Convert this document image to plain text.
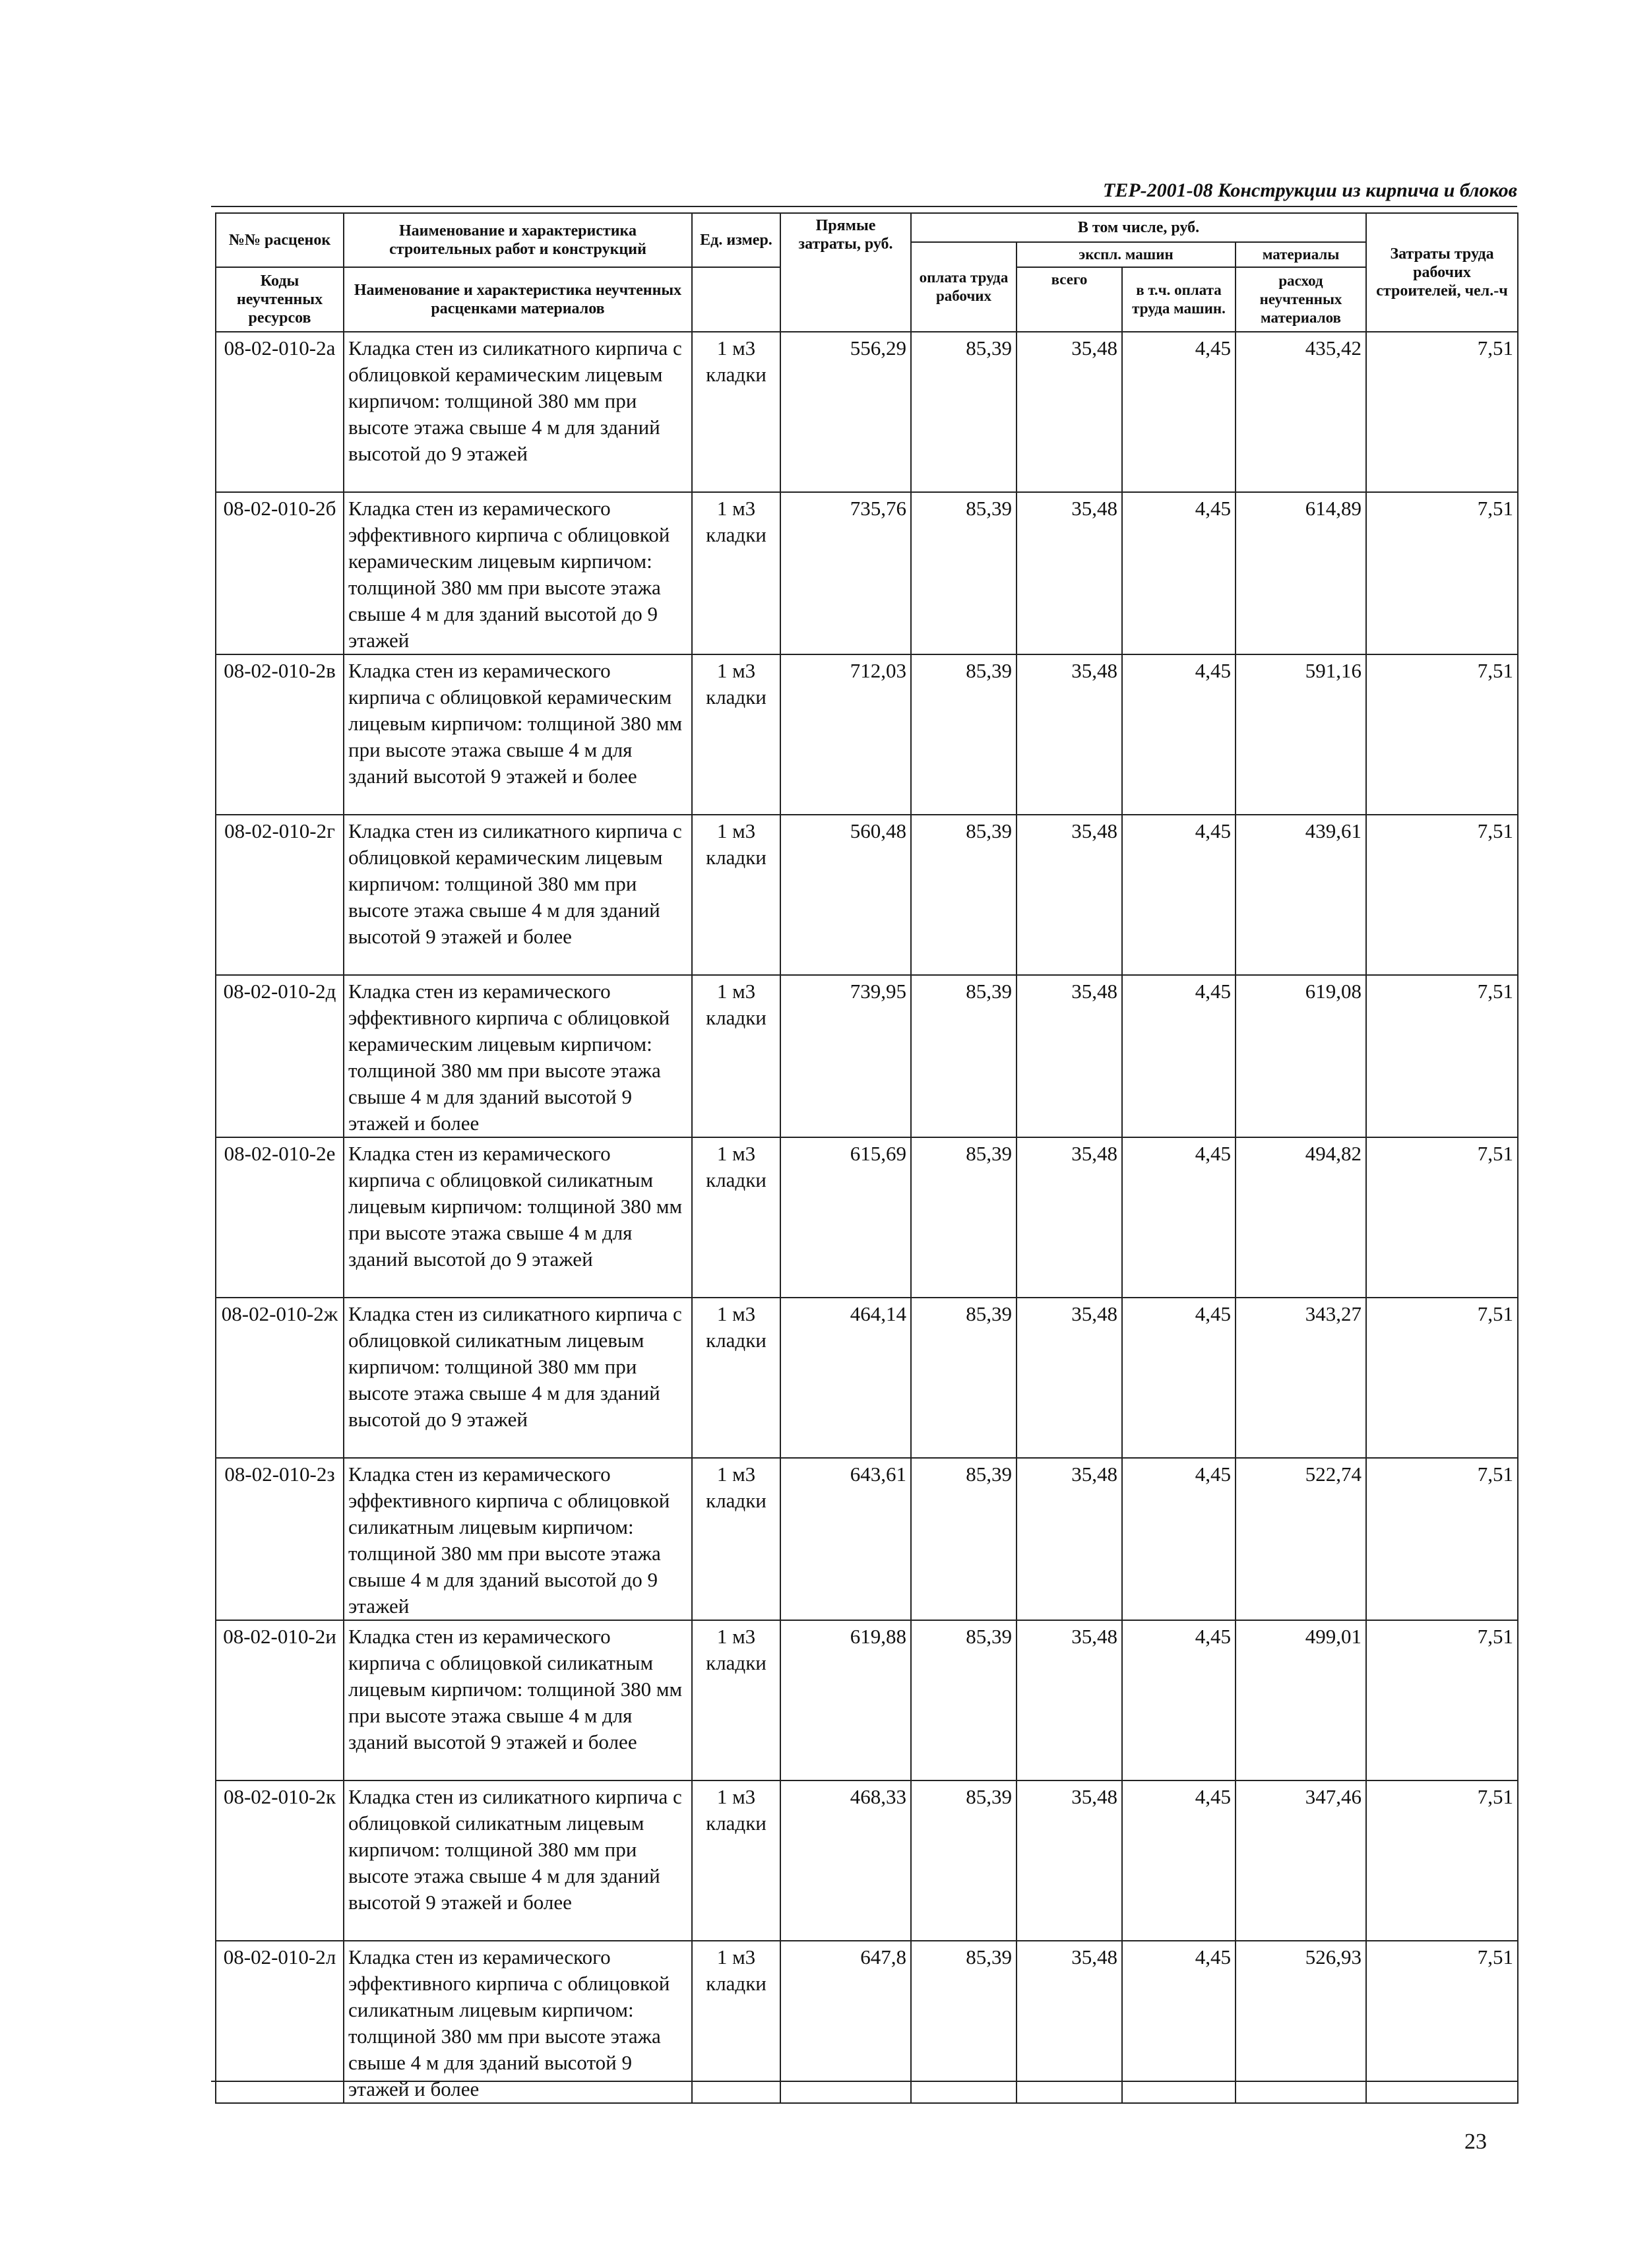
ТЕР-2001-08 Конструкции из кирпича и блоков
№№ расценок	Наименование и характеристика строительных работ и конструкций	Ед. измер.	Прямые затраты, руб.	В том числе, руб.				Затраты труда рабочих строителей, чел.-ч
				оплата труда рабочих	экспл. машин		материалы	
Коды неучтенных ресурсов	Наименование и характеристика неучтенных расценками материалов				всего	в т.ч. оплата труда машин.	расход неучтенных материалов	

08-02-010-2а	Кладка стен из силикатного кирпича с облицовкой керамическим лицевым кирпичом: толщиной 380 мм при высоте этажа свыше 4 м для зданий высотой до 9 этажей	1 м3 кладки	556,29	85,39	35,48	4,45	435,42	7,51
08-02-010-2б	Кладка стен из керамического эффективного кирпича с облицовкой керамическим лицевым кирпичом: толщиной 380 мм при высоте этажа свыше 4 м для зданий высотой до 9 этажей	1 м3 кладки	735,76	85,39	35,48	4,45	614,89	7,51
08-02-010-2в	Кладка стен из керамического кирпича с облицовкой керамическим лицевым кирпичом: толщиной 380 мм при высоте этажа свыше 4 м для зданий высотой 9 этажей и более	1 м3 кладки	712,03	85,39	35,48	4,45	591,16	7,51
08-02-010-2г	Кладка стен из силикатного кирпича с облицовкой керамическим лицевым кирпичом: толщиной 380 мм при высоте этажа свыше 4 м для зданий высотой 9 этажей и более	1 м3 кладки	560,48	85,39	35,48	4,45	439,61	7,51
08-02-010-2д	Кладка стен из керамического эффективного кирпича с облицовкой керамическим лицевым кирпичом: толщиной 380 мм при высоте этажа свыше 4 м для зданий высотой 9 этажей и более	1 м3 кладки	739,95	85,39	35,48	4,45	619,08	7,51
08-02-010-2е	Кладка стен из керамического кирпича с облицовкой силикатным лицевым кирпичом: толщиной 380 мм при высоте этажа свыше 4 м для зданий высотой до 9 этажей	1 м3 кладки	615,69	85,39	35,48	4,45	494,82	7,51
08-02-010-2ж	Кладка стен из силикатного кирпича с облицовкой силикатным лицевым кирпичом: толщиной 380 мм при высоте этажа свыше 4 м для зданий высотой до 9 этажей	1 м3 кладки	464,14	85,39	35,48	4,45	343,27	7,51
08-02-010-2з	Кладка стен из керамического эффективного кирпича с облицовкой силикатным лицевым кирпичом: толщиной 380 мм при высоте этажа свыше 4 м для зданий высотой до 9 этажей	1 м3 кладки	643,61	85,39	35,48	4,45	522,74	7,51
08-02-010-2и	Кладка стен из керамического кирпича с облицовкой силикатным лицевым кирпичом: толщиной 380 мм при высоте этажа свыше 4 м для зданий высотой 9 этажей и более	1 м3 кладки	619,88	85,39	35,48	4,45	499,01	7,51
08-02-010-2к	Кладка стен из силикатного кирпича с облицовкой силикатным лицевым кирпичом: толщиной 380 мм при высоте этажа свыше 4 м для зданий высотой 9 этажей и более	1 м3 кладки	468,33	85,39	35,48	4,45	347,46	7,51
08-02-010-2л	Кладка стен из керамического эффективного кирпича с облицовкой силикатным лицевым кирпичом: толщиной 380 мм при высоте этажа свыше 4 м для зданий высотой 9 этажей и более	1 м3 кладки	647,8	85,39	35,48	4,45	526,93	7,51
23
